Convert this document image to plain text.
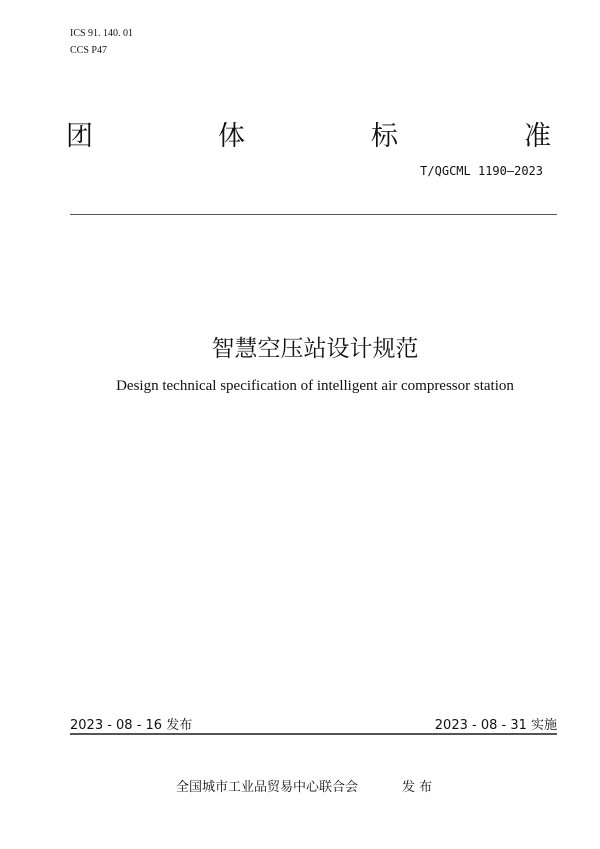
ICS 91. 140. 01
CCS P47
团	体	标	准
T/QGCML 1190—2023
智慧空压站设计规范
Design technical specification of intelligent air compressor station
2023 - 08 - 16 发布	2023 - 08 - 31 实施
全国城市工业品贸易中心联合会	发 布
